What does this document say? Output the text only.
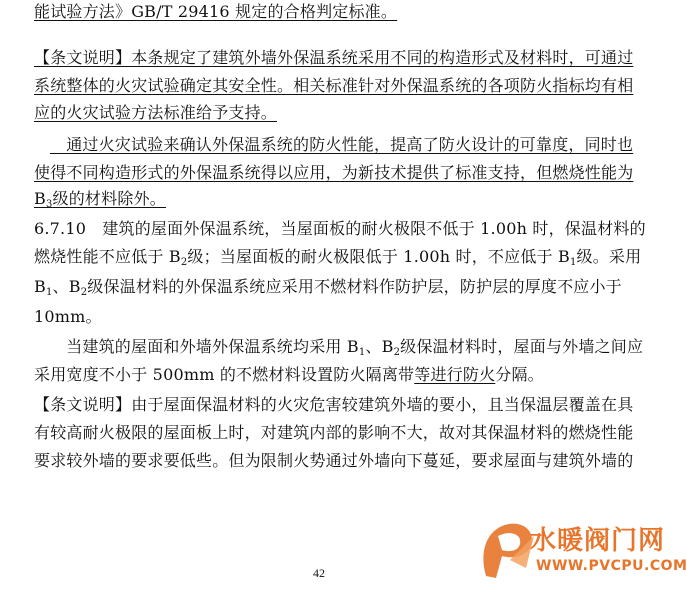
能试验方法》GB/T 29416 规定的合格判定标准。
【条文说明】本条规定了建筑外墙外保温系统采用不同的构造形式及材料时，可通过
系统整体的火灾试验确定其安全性。相关标准针对外保温系统的各项防火指标均有相
应的火灾试验方法标准给予支持。
　通过火灾试验来确认外保温系统的防火性能，提高了防火设计的可靠度，同时也
使得不同构造形式的外保温系统得以应用，为新技术提供了标准支持，但燃烧性能为
$B_3$级的材料除外。
6.7.10　建筑的屋面外保温系统，当屋面板的耐火极限不低于 1.00h 时，保温材料的
燃烧性能不应低于 $B_2$级；当屋面板的耐火极限低于 1.00h 时，不应低于 $B_1$级。采用
$B_1$、$B_2$级保温材料的外保温系统应采用不燃材料作防护层，防护层的厚度不应小于
10mm。
　当建筑的屋面和外墙外保温系统均采用 $B_1$、$B_2$级保温材料时，屋面与外墙之间应
采用宽度不小于 500mm 的不燃材料设置防火隔离带等进行防火分隔。
【条文说明】由于屋面保温材料的火灾危害较建筑外墙的要小，且当保温层覆盖在具
有较高耐火极限的屋面板上时，对建筑内部的影响不大，故对其保温材料的燃烧性能
要求较外墙的要求要低些。但为限制火势通过外墙向下蔓延，要求屋面与建筑外墙的
42	v
水暖阀门网
WWW.PVCPU.COM
